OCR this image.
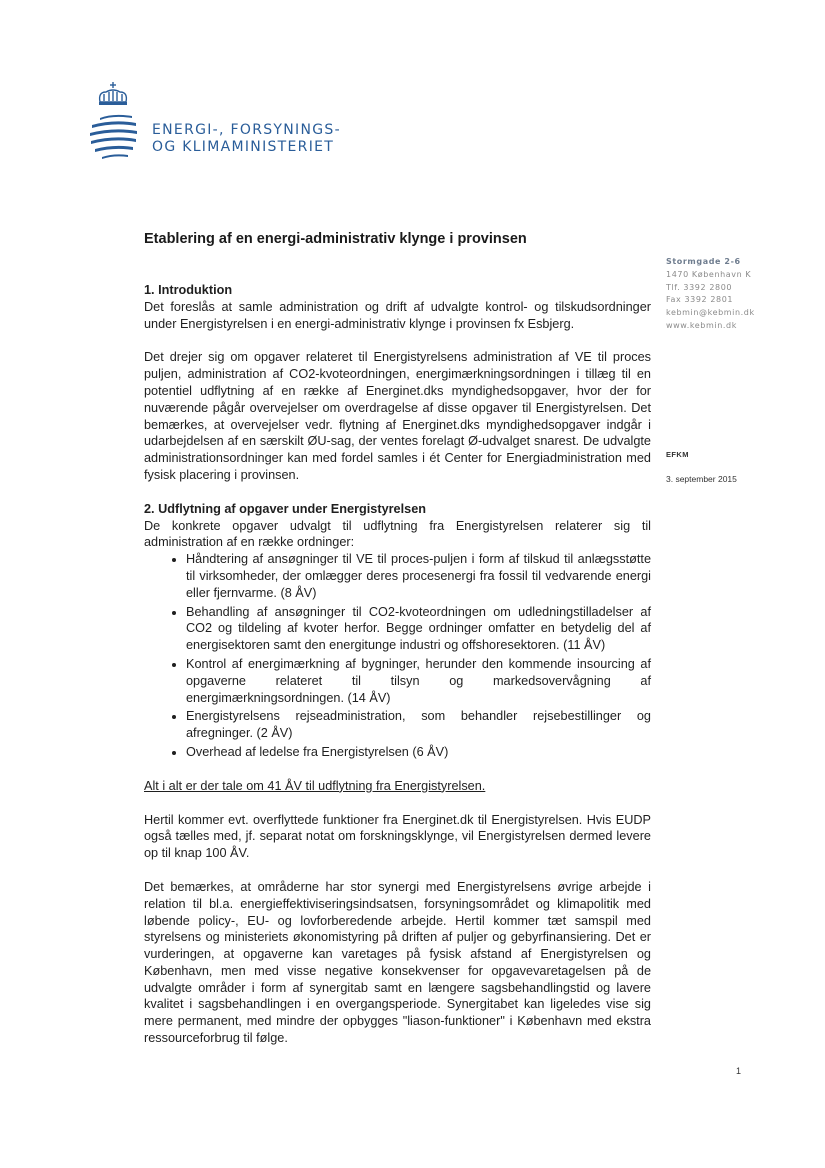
ENERGI-, FORSYNINGS-
OG KLIMAMINISTERIET
Etablering af en energi-administrativ klynge i provinsen
Stormgade 2-6
1470 København K
Tlf. 3392 2800
Fax 3392 2801
kebmin@kebmin.dk
www.kebmin.dk
EFKM
3. september 2015
1. Introduktion

Det foreslås at samle administration og drift af udvalgte kontrol- og tilskudsordninger under Energistyrelsen i en energi-administrativ klynge i provinsen fx Esbjerg.

Det drejer sig om opgaver relateret til Energistyrelsens administration af VE til proces puljen, administration af CO2-kvoteordningen, energimærkningsordningen i tillæg til en potentiel udflytning af en række af Energinet.dks myndighedsopgaver, hvor der for nuværende pågår overvejelser om overdragelse af disse opgaver til Energistyrelsen. Det bemærkes, at overvejelser vedr. flytning af Energinet.dks myndighedsopgaver indgår i udarbejdelsen af en særskilt ØU-sag, der ventes forelagt Ø-udvalget snarest. De udvalgte administrationsordninger kan med fordel samles i ét Center for Energiadministration med fysisk placering i provinsen.

2. Udflytning af opgaver under Energistyrelsen

De konkrete opgaver udvalgt til udflytning fra Energistyrelsen relaterer sig til administration af en række ordninger:

• Håndtering af ansøgninger til VE til proces-puljen i form af tilskud til anlægsstøtte til virksomheder, der omlægger deres procesenergi fra fossil til vedvarende energi eller fjernvarme. (8 ÅV)
• Behandling af ansøgninger til CO2-kvoteordningen om udledningstilladelser af CO2 og tildeling af kvoter herfor. Begge ordninger omfatter en betydelig del af energisektoren samt den energitunge industri og offshoresektoren. (11 ÅV)
• Kontrol af energimærkning af bygninger, herunder den kommende insourcing af opgaverne relateret til tilsyn og markedsovervågning af energimærkningsordningen. (14 ÅV)
• Energistyrelsens rejseadministration, som behandler rejsebestillinger og afregninger. (2 ÅV)
• Overhead af ledelse fra Energistyrelsen (6 ÅV)

Alt i alt er der tale om 41 ÅV til udflytning fra Energistyrelsen.

Hertil kommer evt. overflyttede funktioner fra Energinet.dk til Energistyrelsen. Hvis EUDP også tælles med, jf. separat notat om forskningsklynge, vil Energistyrelsen dermed levere op til knap 100 ÅV.

Det bemærkes, at områderne har stor synergi med Energistyrelsens øvrige arbejde i relation til bl.a. energieffektiviseringsindsatsen, forsyningsområdet og klimapolitik med løbende policy-, EU- og lovforberedende arbejde. Hertil kommer tæt samspil med styrelsens og ministeriets økonomistyring på driften af puljer og gebyrfinansiering. Det er vurderingen, at opgaverne kan varetages på fysisk afstand af Energistyrelsen og København, men med visse negative konsekvenser for opgavevaretagelsen på de udvalgte områder i form af synergitab samt en længere sagsbehandlingstid og lavere kvalitet i sagsbehandlingen i en overgangsperiode. Synergitabet kan ligeledes vise sig mere permanent, med mindre der opbygges "liason-funktioner" i København med ekstra ressourceforbrug til følge.

1
